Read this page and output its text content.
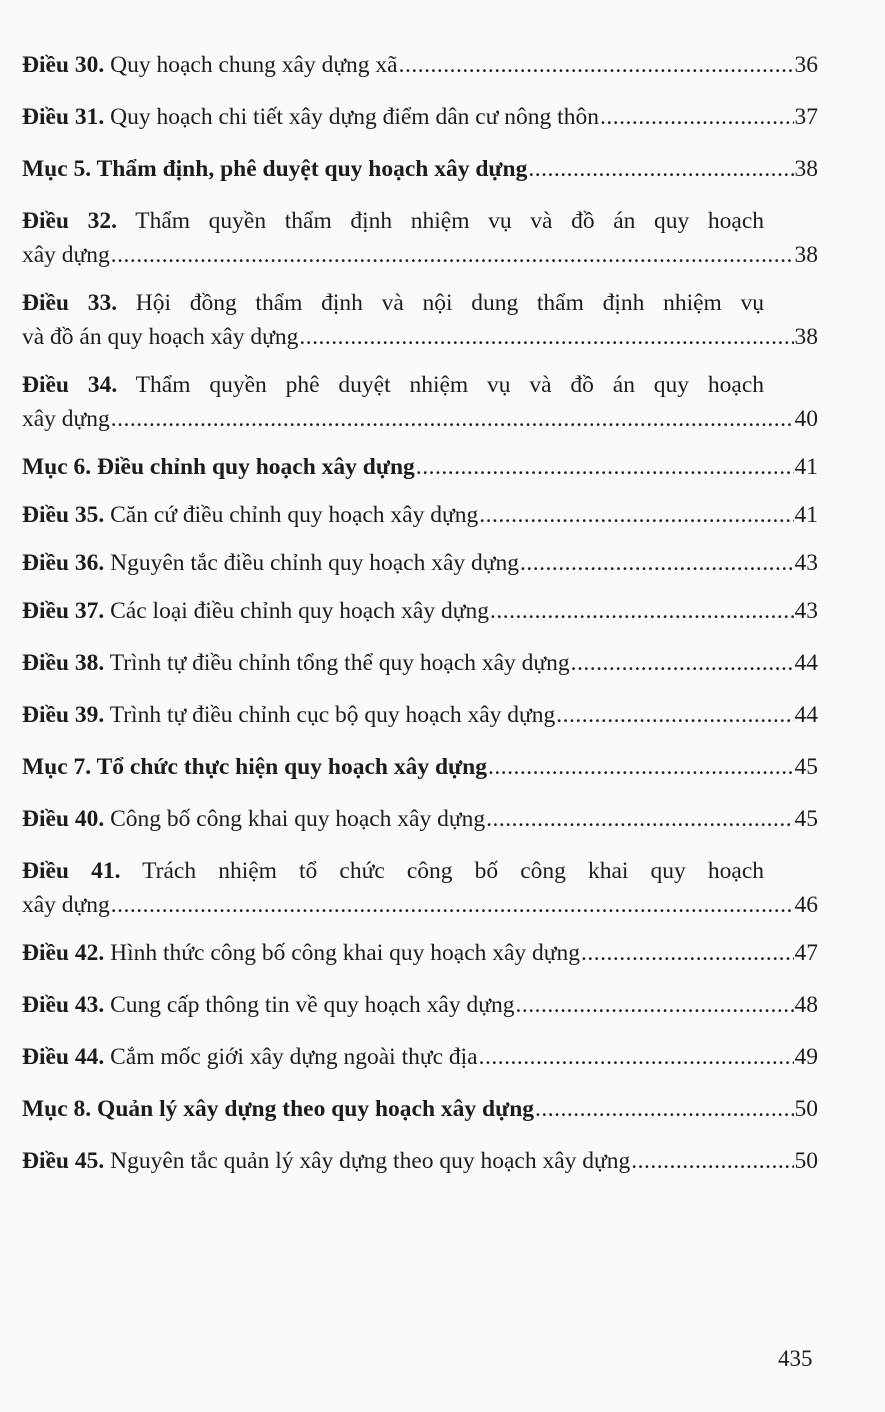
Điều 30. Quy hoạch chung xây dựng xã .....	36
Điều 31. Quy hoạch chi tiết xây dựng điểm dân cư nông thôn .....	37
Mục 5. Thẩm định, phê duyệt quy hoạch xây dựng .....	38
Điều 32. Thẩm quyền thẩm định nhiệm vụ và đồ án quy hoạch
xây dựng .....	38
Điều 33. Hội đồng thẩm định và nội dung thẩm định nhiệm vụ
và đồ án quy hoạch xây dựng .....	38
Điều 34. Thẩm quyền phê duyệt nhiệm vụ và đồ án quy hoạch
xây dựng .....	40
Mục 6. Điều chỉnh quy hoạch xây dựng .....	41
Điều 35. Căn cứ điều chỉnh quy hoạch xây dựng .....	41
Điều 36. Nguyên tắc điều chỉnh quy hoạch xây dựng .....	43
Điều 37. Các loại điều chỉnh quy hoạch xây dựng .....	43
Điều 38. Trình tự điều chỉnh tổng thể quy hoạch xây dựng .....	44
Điều 39. Trình tự điều chỉnh cục bộ quy hoạch xây dựng .....	44
Mục 7. Tổ chức thực hiện quy hoạch xây dựng .....	45
Điều 40. Công bố công khai quy hoạch xây dựng .....	45
Điều 41. Trách nhiệm tổ chức công bố công khai quy hoạch
xây dựng .....	46
Điều 42. Hình thức công bố công khai quy hoạch xây dựng .....	47
Điều 43. Cung cấp thông tin về quy hoạch xây dựng .....	48
Điều 44. Cắm mốc giới xây dựng ngoài thực địa .....	49
Mục 8. Quản lý xây dựng theo quy hoạch xây dựng .....	50
Điều 45. Nguyên tắc quản lý xây dựng theo quy hoạch xây dựng .....	50
435
